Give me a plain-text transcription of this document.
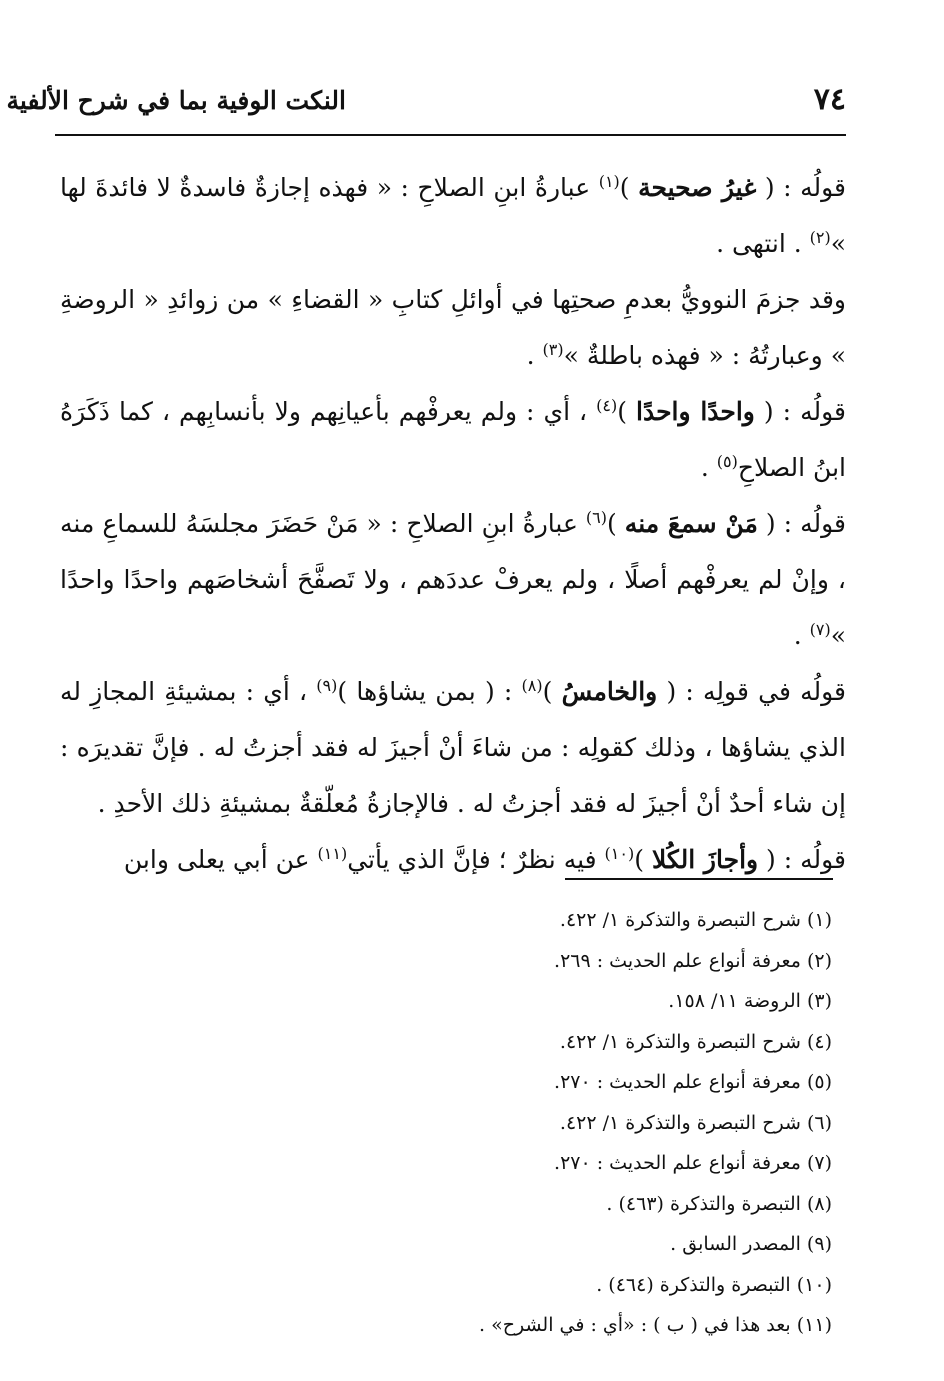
٧٤
النكت الوفية بما في شرح الألفية

قولُه : ( غيرُ صحيحة )$^{(١)}$ عبارةُ ابنِ الصلاحِ : « فهذه إجازةٌ فاسدةٌ لا فائدةَ لها »$^{(٢)}$ . انتهى .

وقد جزمَ النوويُّ بعدمِ صحتِها في أوائلِ كتابِ « القضاءِ » من زوائدِ « الروضةِ » وعبارتُهُ : « فهذه باطلةٌ »$^{(٣)}$ .

قولُه : ( واحدًا واحدًا )$^{(٤)}$ ، أي : ولم يعرفْهم بأعيانِهم ولا بأنسابِهم ، كما ذَكَرَهُ ابنُ الصلاحِ$^{(٥)}$ .

قولُه : ( مَنْ سمعَ منه )$^{(٦)}$ عبارةُ ابنِ الصلاحِ : « مَنْ حَضَرَ مجلسَهُ للسماعِ منه ، وإنْ لم يعرفْهم أصلًا ، ولم يعرفْ عددَهم ، ولا تَصفَّحَ أشخاصَهم واحدًا واحدًا »$^{(٧)}$ .

قولُه في قولِه : ( والخامسُ )$^{(٨)}$ : ( بمن يشاؤها )$^{(٩)}$ ، أي : بمشيئةِ المجازِ له الذي يشاؤها ، وذلك كقولِه : من شاءَ أنْ أجيزَ له فقد أجزتُ له . فإنَّ تقديرَه : إن شاء أحدٌ أنْ أجيزَ له فقد أجزتُ له . فالإجازةُ مُعلّقةٌ بمشيئةِ ذلك الأحدِ .

قولُه : ( وأجازَ الكُلا )$^{(١٠)}$ فيه نظرٌ ؛ فإنَّ الذي يأتي$^{(١١)}$ عن أبي يعلى وابن

(١) شرح التبصرة والتذكرة ١/ ٤٢٢.
(٢) معرفة أنواع علم الحديث : ٢٦٩.
(٣) الروضة ١١/ ١٥٨.
(٤) شرح التبصرة والتذكرة ١/ ٤٢٢.
(٥) معرفة أنواع علم الحديث : ٢٧٠.
(٦) شرح التبصرة والتذكرة ١/ ٤٢٢.
(٧) معرفة أنواع علم الحديث : ٢٧٠.
(٨) التبصرة والتذكرة (٤٦٣) .
(٩) المصدر السابق .
(١٠) التبصرة والتذكرة (٤٦٤) .
(١١) بعد هذا في ( ب ) : «أي : في الشرح» .
